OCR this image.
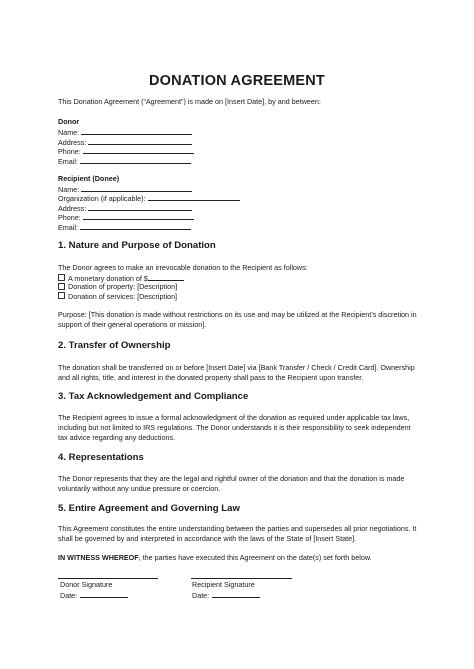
DONATION AGREEMENT
This Donation Agreement (“Agreement”) is made on [Insert Date], by and between:
Donor
Name:
Address:
Phone:
Email:
Recipient (Donee)
Name:
Organization (if applicable):
Address:
Phone:
Email:
1. Nature and Purpose of Donation
The Donor agrees to make an irrevocable donation to the Recipient as follows:
A monetary donation of $
Donation of property: [Description]
Donation of services: [Description]
Purpose: [This donation is made without restrictions on its use and may be utilized at the Recipient’s discretion in
support of their general operations or mission].
2. Transfer of Ownership
The donation shall be transferred on or before [Insert Date] via [Bank Transfer / Check / Credit Card]. Ownership
and all rights, title, and interest in the donated property shall pass to the Recipient upon transfer.
3. Tax Acknowledgement and Compliance
The Recipient agrees to issue a formal acknowledgment of the donation as required under applicable tax laws,
including but not limited to IRS regulations. The Donor understands it is their responsibility to seek independent
tax advice regarding any deductions.
4. Representations
The Donor represents that they are the legal and rightful owner of the donation and that the donation is made
voluntarily without any undue pressure or coercion.
5. Entire Agreement and Governing Law
This Agreement constitutes the entire understanding between the parties and supersedes all prior negotiations. It
shall be governed by and interpreted in accordance with the laws of the State of [Insert State].
IN WITNESS WHEREOF, the parties have executed this Agreement on the date(s) set forth below.
Donor Signature	Recipient Signature
Date:	Date:
